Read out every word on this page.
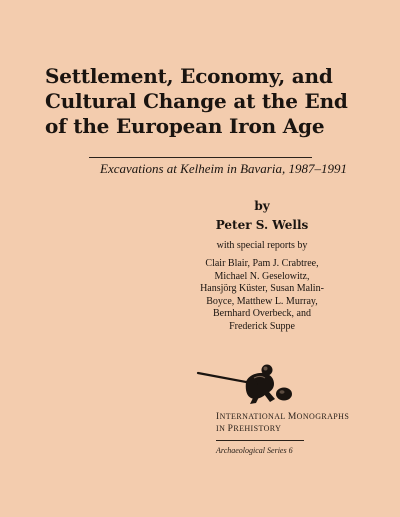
Settlement, Economy, and
Cultural Change at the End
of the European Iron Age
Excavations at Kelheim in Bavaria, 1987–1991
by
Peter S. Wells
with special reports by
Clair Blair, Pam J. Crabtree,
Michael N. Geselowitz,
Hansjörg Küster, Susan Malin-
Boyce, Matthew L. Murray,
Bernhard Overbeck, and
Frederick Suppe
INTERNATIONAL MONOGRAPHS
IN PREHISTORY
Archaeological Series 6
